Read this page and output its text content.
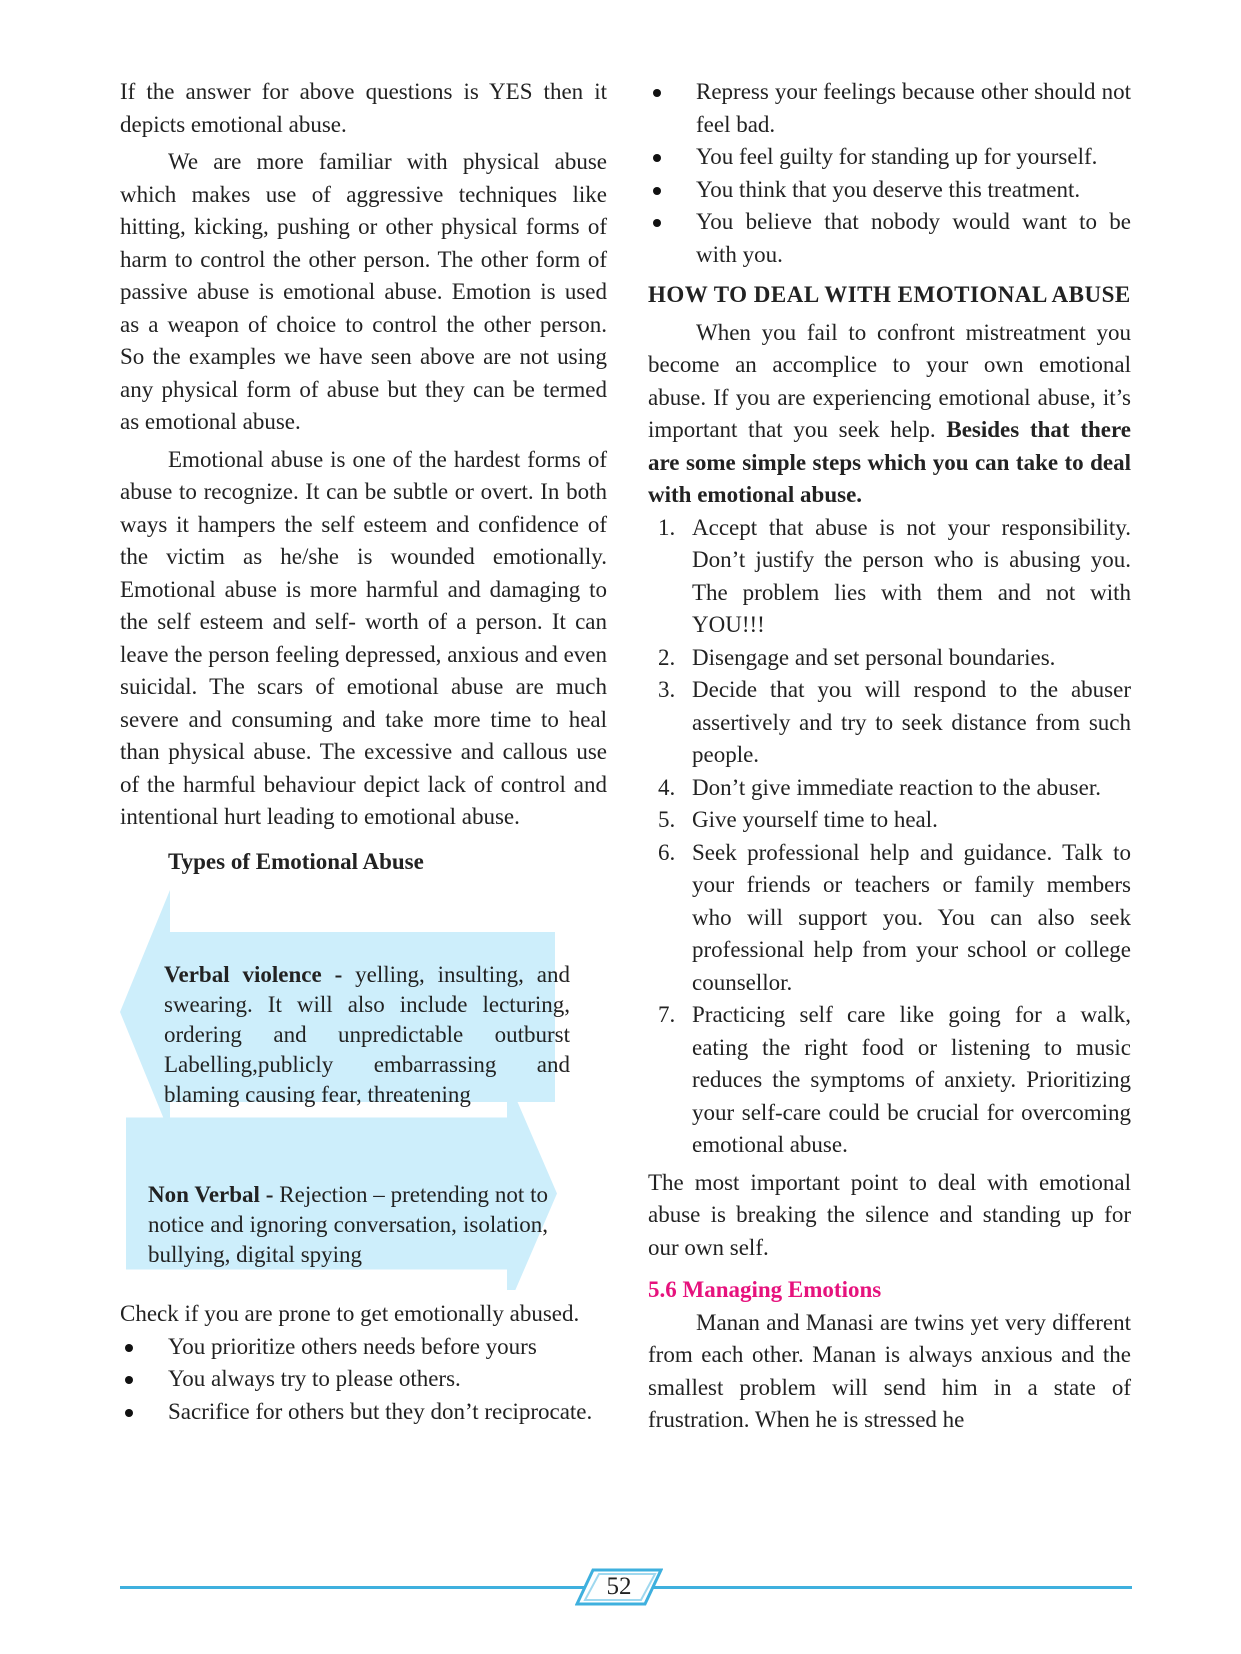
If the answer for above questions is YES then it depicts emotional abuse.

We are more familiar with physical abuse which makes use of aggressive techniques like hitting, kicking, pushing or other physical forms of harm to control the other person. The other form of passive abuse is emotional abuse. Emotion is used as a weapon of choice to control the other person. So the examples we have seen above are not using any physical form of abuse but they can be termed as emotional abuse.

Emotional abuse is one of the hardest forms of abuse to recognize. It can be subtle or overt. In both ways it hampers the self esteem and confidence of the victim as he/she is wounded emotionally. Emotional abuse is more harmful and damaging to the self esteem and self- worth of a person. It can leave the person feeling depressed, anxious and even suicidal. The scars of emotional abuse are much severe and consuming and take more time to heal than physical abuse. The excessive and callous use of the harmful behaviour depict lack of control and intentional hurt leading to emotional abuse.

Types of Emotional Abuse
Verbal violence - yelling, insulting, and swearing. It will also include lecturing, ordering and unpredictable outburst Labelling,publicly embarrassing and blaming causing fear, threatening
Non Verbal - Rejection – pretending not to notice and ignoring conversation, isolation, bullying, digital spying

Check if you are prone to get emotionally abused.

You prioritize others needs before yours
You always try to please others.
Sacrifice for others but they don’t reciprocate.
Repress your feelings because other should not feel bad.
You feel guilty for standing up for yourself.
You think that you deserve this treatment.
You believe that nobody would want to be with you.
HOW TO DEAL WITH EMOTIONAL ABUSE

When you fail to confront mistreatment you become an accomplice to your own emotional abuse. If you are experiencing emotional abuse, it’s important that you seek help. Besides that there are some simple steps which you can take to deal with emotional abuse.

1. Accept that abuse is not your responsibility. Don’t justify the person who is abusing you. The problem lies with them and not with YOU!!!
2. Disengage and set personal boundaries.
3. Decide that you will respond to the abuser assertively and try to seek distance from such people.
4. Don’t give immediate reaction to the abuser.
5. Give yourself time to heal.
6. Seek professional help and guidance. Talk to your friends or teachers or family members who will support you. You can also seek professional help from your school or college counsellor.
7. Practicing self care like going for a walk, eating the right food or listening to music reduces the symptoms of anxiety. Prioritizing your self-care could be crucial for overcoming emotional abuse.

The most important point to deal with emotional abuse is breaking the silence and standing up for our own self.

5.6 Managing Emotions

Manan and Manasi are twins yet very different from each other. Manan is always anxious and the smallest problem will send him in a state of frustration. When he is stressed he

52
